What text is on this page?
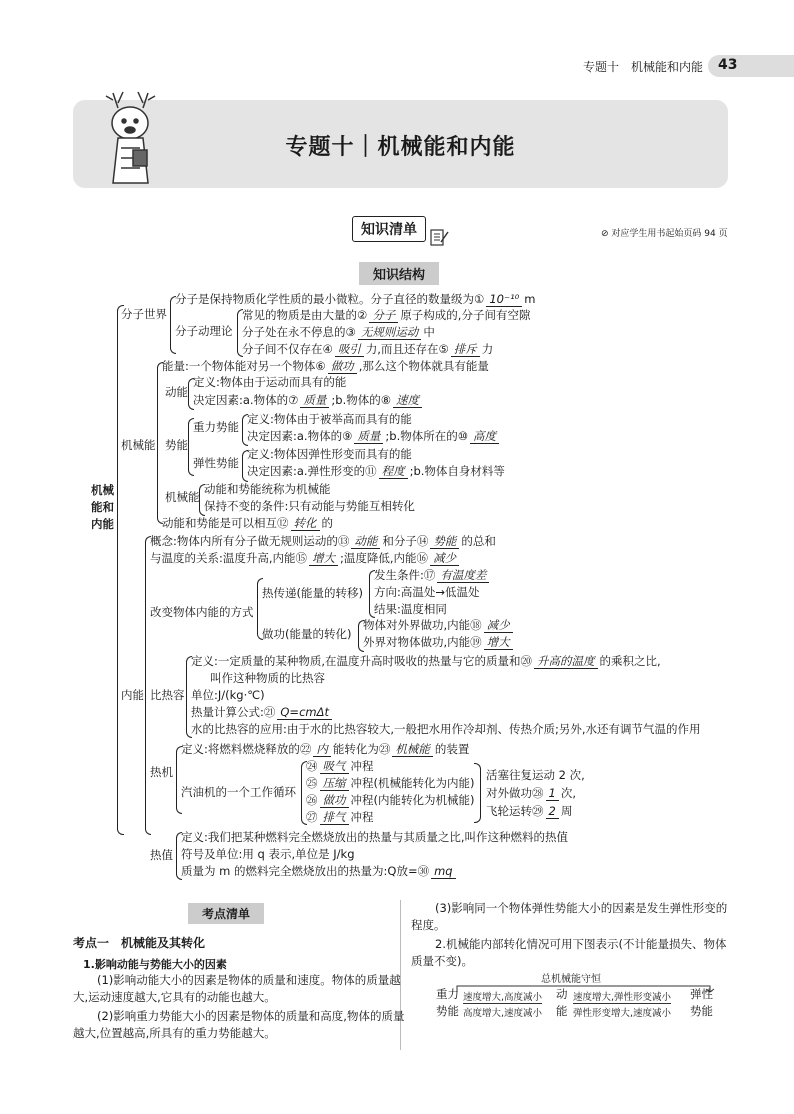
专题十　机械能和内能 43
专题十｜机械能和内能
知识清单	⊘ 对应学生用书起始页码 94 页
知识结构
机械能和内能
分子世界
分子是保持物质化学性质的最小微粒。分子直径的数量级为① 10⁻¹⁰ m
分子动理论
常见的物质是由大量的② 分子 原子构成的,分子间有空隙
分子处在永不停息的③ 无规则运动 中
分子间不仅存在④ 吸引 力,而且还存在⑤ 排斥 力
机械能
能量:一个物体能对另一个物体⑥ 做功 ,那么这个物体就具有能量
动能
定义:物体由于运动而具有的能
决定因素:a.物体的⑦ 质量 ;b.物体的⑧ 速度
势能
重力势能
定义:物体由于被举高而具有的能
决定因素:a.物体的⑨ 质量 ;b.物体所在的⑩ 高度
弹性势能
定义:物体因弹性形变而具有的能
决定因素:a.弹性形变的⑪ 程度 ;b.物体自身材料等
机械能
动能和势能统称为机械能
保持不变的条件:只有动能与势能互相转化
动能和势能是可以相互⑫ 转化 的
内能
概念:物体内所有分子做无规则运动的⑬ 动能 和分子⑭ 势能 的总和
与温度的关系:温度升高,内能⑮ 增大 ;温度降低,内能⑯ 减少
改变物体内能的方式
热传递(能量的转移)
发生条件:⑰ 有温度差
方向:高温处→低温处
结果:温度相同
做功(能量的转化)
物体对外界做功,内能⑱ 减少
外界对物体做功,内能⑲ 增大
比热容
定义:一定质量的某种物质,在温度升高时吸收的热量与它的质量和⑳ 升高的温度 的乘积之比,
叫作这种物质的比热容
单位:J/(kg·℃)
热量计算公式:㉑ Q=cmΔt
水的比热容的应用:由于水的比热容较大,一般把水用作冷却剂、传热介质;另外,水还有调节气温的作用
热机
定义:将燃料燃烧释放的㉒ 内 能转化为㉓ 机械能 的装置
汽油机的一个工作循环
㉔ 吸气 冲程
㉕ 压缩 冲程(机械能转化为内能)
㉖ 做功 冲程(内能转化为机械能)
㉗ 排气 冲程
活塞往复运动 2 次,
对外做功㉘ 1 次,
飞轮运转㉙ 2 周
热值
定义:我们把某种燃料完全燃烧放出的热量与其质量之比,叫作这种燃料的热值
符号及单位:用 q 表示,单位是 J/kg
质量为 m 的燃料完全燃烧放出的热量为:Q放=㉚ mq
考点清单
考点一　机械能及其转化
1.影响动能与势能大小的因素
(1)影响动能大小的因素是物体的质量和速度。物体的质量越大,运动速度越大,它具有的动能也越大。
(2)影响重力势能大小的因素是物体的质量和高度,物体的质量越大,位置越高,所具有的重力势能越大。
(3)影响同一个物体弹性势能大小的因素是发生弹性形变的程度。
2.机械能内部转化情况可用下图表示(不计能量损失、物体质量不变)。
总机械能守恒
重力
势能
速度增大,高度减小
高度增大,速度减小
动
能
速度增大,弹性形变减小
弹性形变增大,速度减小
弹性
势能
